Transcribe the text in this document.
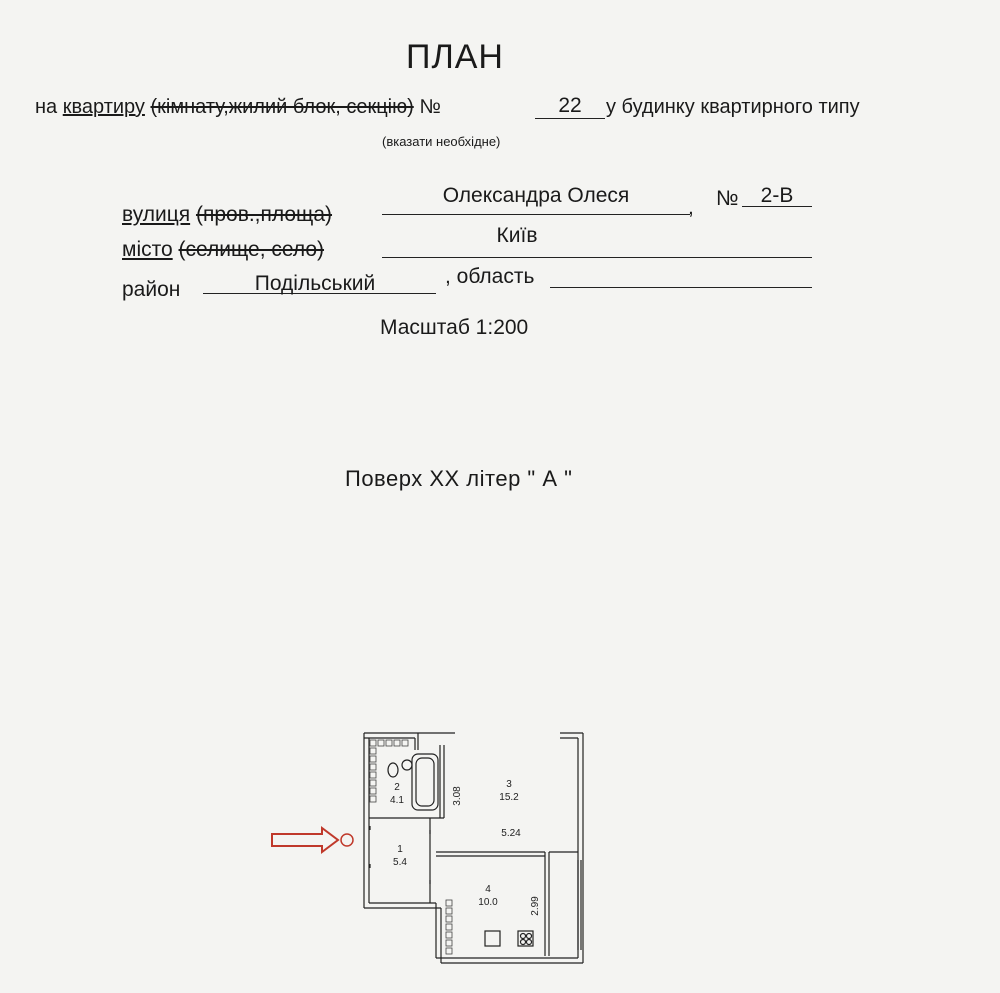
ПЛАН
на квартиру (кімнату,жилий блок, секцію) №	22	у будинку квартирного типу
(вказати необхідне)
вулиця (пров.,площа)
Олександра Олеся
, №	2-В
місто (селище, село)
Київ
район	Подільський	, область
Масштаб 1:200
Поверх XX літер " А "
2
4.1
1
5.4
3
15.2
4
10.0
3.08
5.24
2.99
